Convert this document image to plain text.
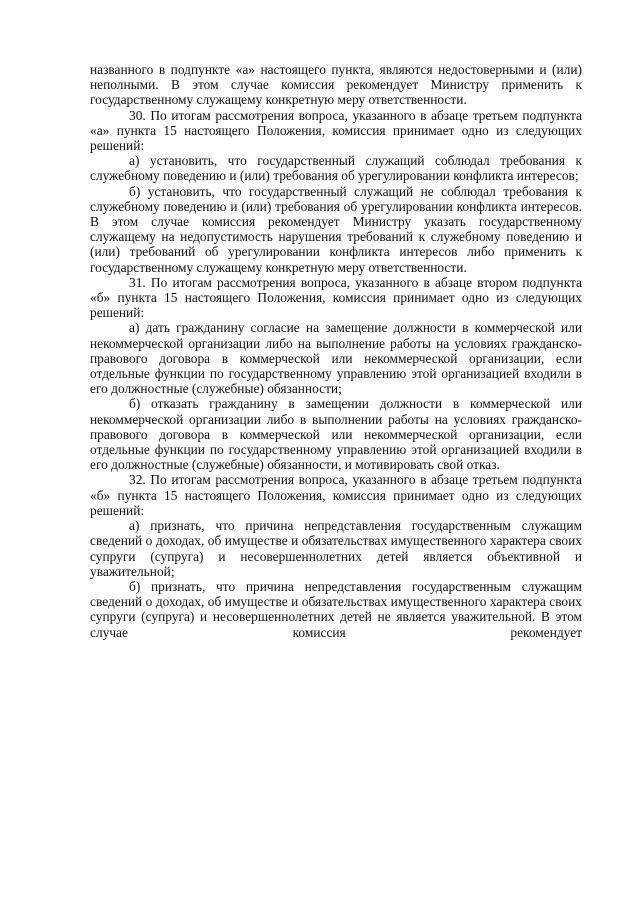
названного в подпункте «а» настоящего пункта, являются недостоверными и (или) неполными. В этом случае комиссия рекомендует Министру применить к государственному служащему конкретную меру ответственности.

30. По итогам рассмотрения вопроса, указанного в абзаце третьем подпункта «а» пункта 15 настоящего Положения, комиссия принимает одно из следующих решений:

а) установить, что государственный служащий соблюдал требования к служебному поведению и (или) требования об урегулировании конфликта интересов;

б) установить, что государственный служащий не соблюдал требования к служебному поведению и (или) требования об урегулировании конфликта интересов. В этом случае комиссия рекомендует Министру указать государственному служащему на недопустимость нарушения требований к служебному поведению и (или) требований об урегулировании конфликта интересов либо применить к государственному служащему конкретную меру ответственности.

31. По итогам рассмотрения вопроса, указанного в абзаце втором подпункта «б» пункта 15 настоящего Положения, комиссия принимает одно из следующих решений:

а) дать гражданину согласие на замещение должности в коммерческой или некоммерческой организации либо на выполнение работы на условиях гражданско-правового договора в коммерческой или некоммерческой организации, если отдельные функции по государственному управлению этой организацией входили в его должностные (служебные) обязанности;

б) отказать гражданину в замещении должности в коммерческой или некоммерческой организации либо в выполнении работы на условиях гражданско-правового договора в коммерческой или некоммерческой организации, если отдельные функции по государственному управлению этой организацией входили в его должностные (служебные) обязанности, и мотивировать свой отказ.

32. По итогам рассмотрения вопроса, указанного в абзаце третьем подпункта «б» пункта 15 настоящего Положения, комиссия принимает одно из следующих решений:

а) признать, что причина непредставления государственным служащим сведений о доходах, об имуществе и обязательствах имущественного характера своих супруги (супруга) и несовершеннолетних детей является объективной и уважительной;

б) признать, что причина непредставления государственным служащим сведений о доходах, об имуществе и обязательствах имущественного характера своих супруги (супруга) и несовершеннолетних детей не является уважительной. В этом случае комиссия рекомендует
